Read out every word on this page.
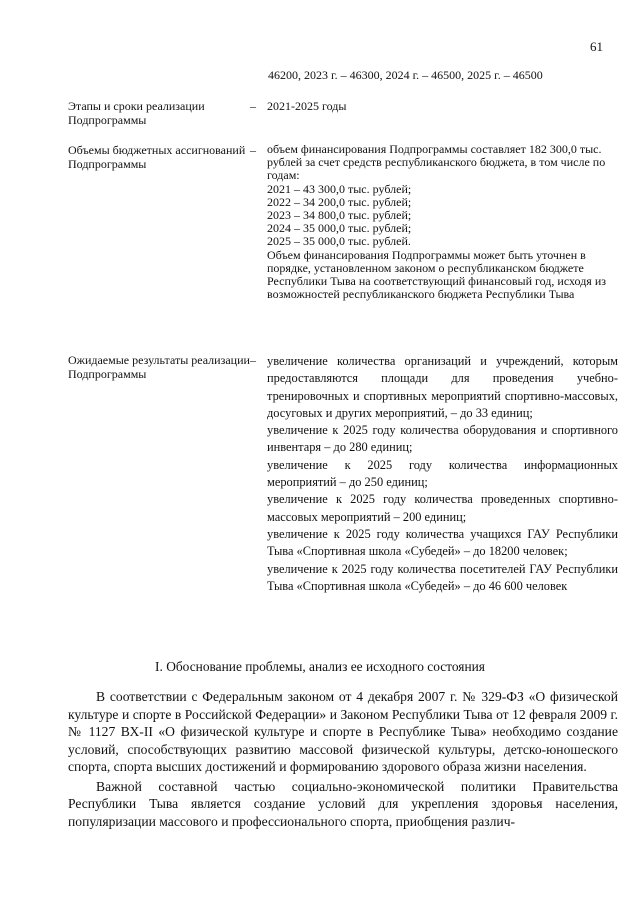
61
46200, 2023 г. – 46300, 2024 г. – 46500, 2025 г. – 46500
Этапы и сроки реализации Подпрограммы
– 2021-2025 годы

Объемы бюджетных ассигнований Подпрограммы
– объем финансирования Подпрограммы составляет 182 300,0 тыс. рублей за счет средств республиканского бюджета, в том числе по годам:

2021 – 43 300,0 тыс. рублей;

2022 – 34 200,0 тыс. рублей;

2023 – 34 800,0 тыс. рублей;

2024 – 35 000,0 тыс. рублей;

2025 – 35 000,0 тыс. рублей.

Объем финансирования Подпрограммы может быть уточнен в порядке, установленном законом о республиканском бюджете Республики Тыва на соответствующий финансовый год, исходя из возможностей республиканского бюджета Республики Тыва

Ожидаемые результаты реализации Подпрограммы
– увеличение количества организаций и учреждений, которым предоставляются площади для проведения учебно-тренировочных и спортивных мероприятий спортивно-массовых, досуговых и других мероприятий, – до 33 единиц;

увеличение к 2025 году количества оборудования и спортивного инвентаря – до 280 единиц;

увеличение к 2025 году количества информационных мероприятий – до 250 единиц;

увеличение к 2025 году количества проведенных спортивно-массовых мероприятий – 200 единиц;

увеличение к 2025 году количества учащихся ГАУ Республики Тыва «Спортивная школа «Субедей» – до 18200 человек;

увеличение к 2025 году количества посетителей ГАУ Республики Тыва «Спортивная школа «Субедей» – до 46 600 человек

I. Обоснование проблемы, анализ ее исходного состояния

В соответствии с Федеральным законом от 4 декабря 2007 г. № 329-ФЗ «О физической культуре и спорте в Российской Федерации» и Законом Республики Тыва от 12 февраля 2009 г. № 1127 ВХ-II «О физической культуре и спорте в Республике Тыва» необходимо создание условий, способствующих развитию массовой физической культуры, детско-юношеского спорта, спорта высших достижений и формированию здорового образа жизни населения.

Важной составной частью социально-экономической политики Правительства Республики Тыва является создание условий для укрепления здоровья населения, популяризации массового и профессионального спорта, приобщения различ-
